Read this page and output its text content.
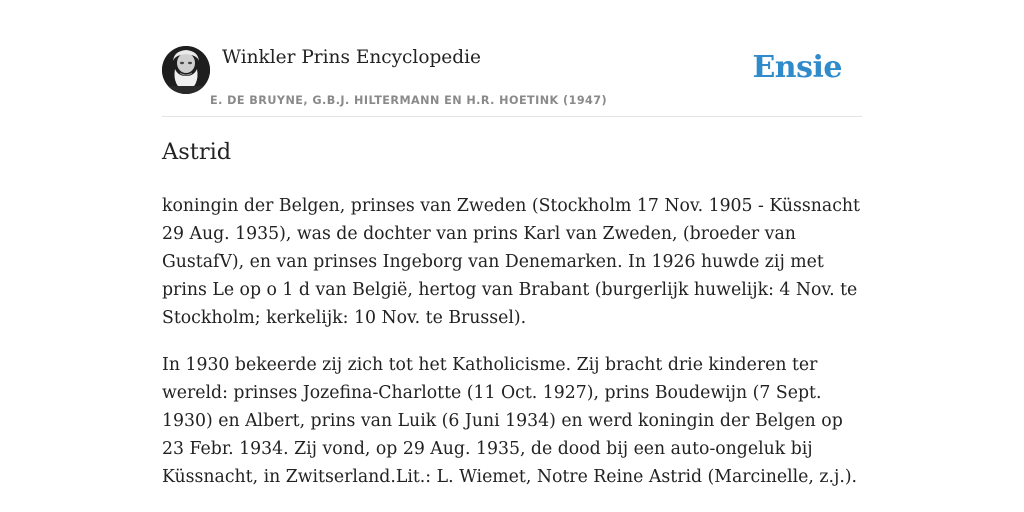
Winkler Prins Encyclopedie
E. DE BRUYNE, G.B.J. HILTERMANN EN H.R. HOETINK (1947)
Ensie
Astrid

koningin der Belgen, prinses van Zweden (Stockholm 17 Nov. 1905 - Küssnacht 29 Aug. 1935), was de dochter van prins Karl van Zweden, (broeder van GustafV), en van prinses Ingeborg van Denemarken. In 1926 huwde zij met prins Le op o 1 d van België, hertog van Brabant (burgerlijk huwelijk: 4 Nov. te Stockholm; kerkelijk: 10 Nov. te Brussel).

In 1930 bekeerde zij zich tot het Katholicisme. Zij bracht drie kinderen ter wereld: prinses Jozefina-Charlotte (11 Oct. 1927), prins Boudewijn (7 Sept. 1930) en Albert, prins van Luik (6 Juni 1934) en werd koningin der Belgen op 23 Febr. 1934. Zij vond, op 29 Aug. 1935, de dood bij een auto-ongeluk bij Küssnacht, in Zwitserland.Lit.: L. Wiemet, Notre Reine Astrid (Marcinelle, z.j.).
